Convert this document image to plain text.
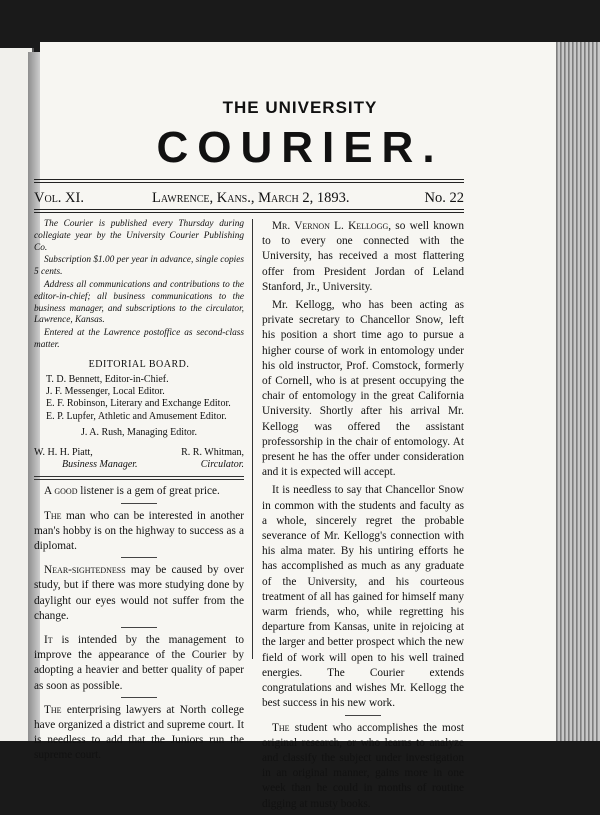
THE UNIVERSITY
COURIER.
Vol. XI.	Lawrence, Kans., March 2, 1893.	No. 22

The Courier is published every Thursday during collegiate year by the University Courier Publishing Co.

Subscription $1.00 per year in advance, single copies 5 cents.

Address all communications and contributions to the editor-in-chief; all business communications to the business manager, and subscriptions to the circulator, Lawrence, Kansas.

Entered at the Lawrence postoffice as second-class matter.

EDITORIAL BOARD.
T. D. Bennett, Editor-in-Chief.
J. F. Messenger, Local Editor.
E. F. Robinson, Literary and Exchange Editor.
E. P. Lupfer, Athletic and Amusement Editor.
J. A. Rush, Managing Editor.
W. H. H. Piatt,
Business Manager.
R. R. Whitman,
Circulator.

A good listener is a gem of great price.

The man who can be interested in another man's hobby is on the highway to success as a diplomat.

Near-sightedness may be caused by over study, but if there was more studying done by daylight our eyes would not suffer from the change.

It is intended by the management to improve the appearance of the Courier by adopting a heavier and better quality of paper as soon as possible.

The enterprising lawyers at North college have organized a district and supreme court. It is needless to add that the Juniors run the supreme court.

Mr. Vernon L. Kellogg, so well known to to every one connected with the University, has received a most flattering offer from President Jordan of Leland Stanford, Jr., University.

Mr. Kellogg, who has been acting as private secretary to Chancellor Snow, left his position a short time ago to pursue a higher course of work in entomology under his old instructor, Prof. Comstock, formerly of Cornell, who is at present occupying the chair of entomology in the great California University. Shortly after his arrival Mr. Kellogg was offered the assistant professorship in the chair of entomology. At present he has the offer under consideration and it is expected will accept.

It is needless to say that Chancellor Snow in common with the students and faculty as a whole, sincerely regret the probable severance of Mr. Kellogg's connection with his alma mater. By his untiring efforts he has accomplished as much as any graduate of the University, and his courteous treatment of all has gained for himself many warm friends, who, while regretting his departure from Kansas, unite in rejoicing at the larger and better prospect which the new field of work will open to his well trained energies. The Courier extends congratulations and wishes Mr. Kellogg the best success in his new work.

The student who accomplishes the most original research, or who learns to analyze and classify the subject under investigation in an original manner, gains more in one week than he could in months of routine digging at musty books.
